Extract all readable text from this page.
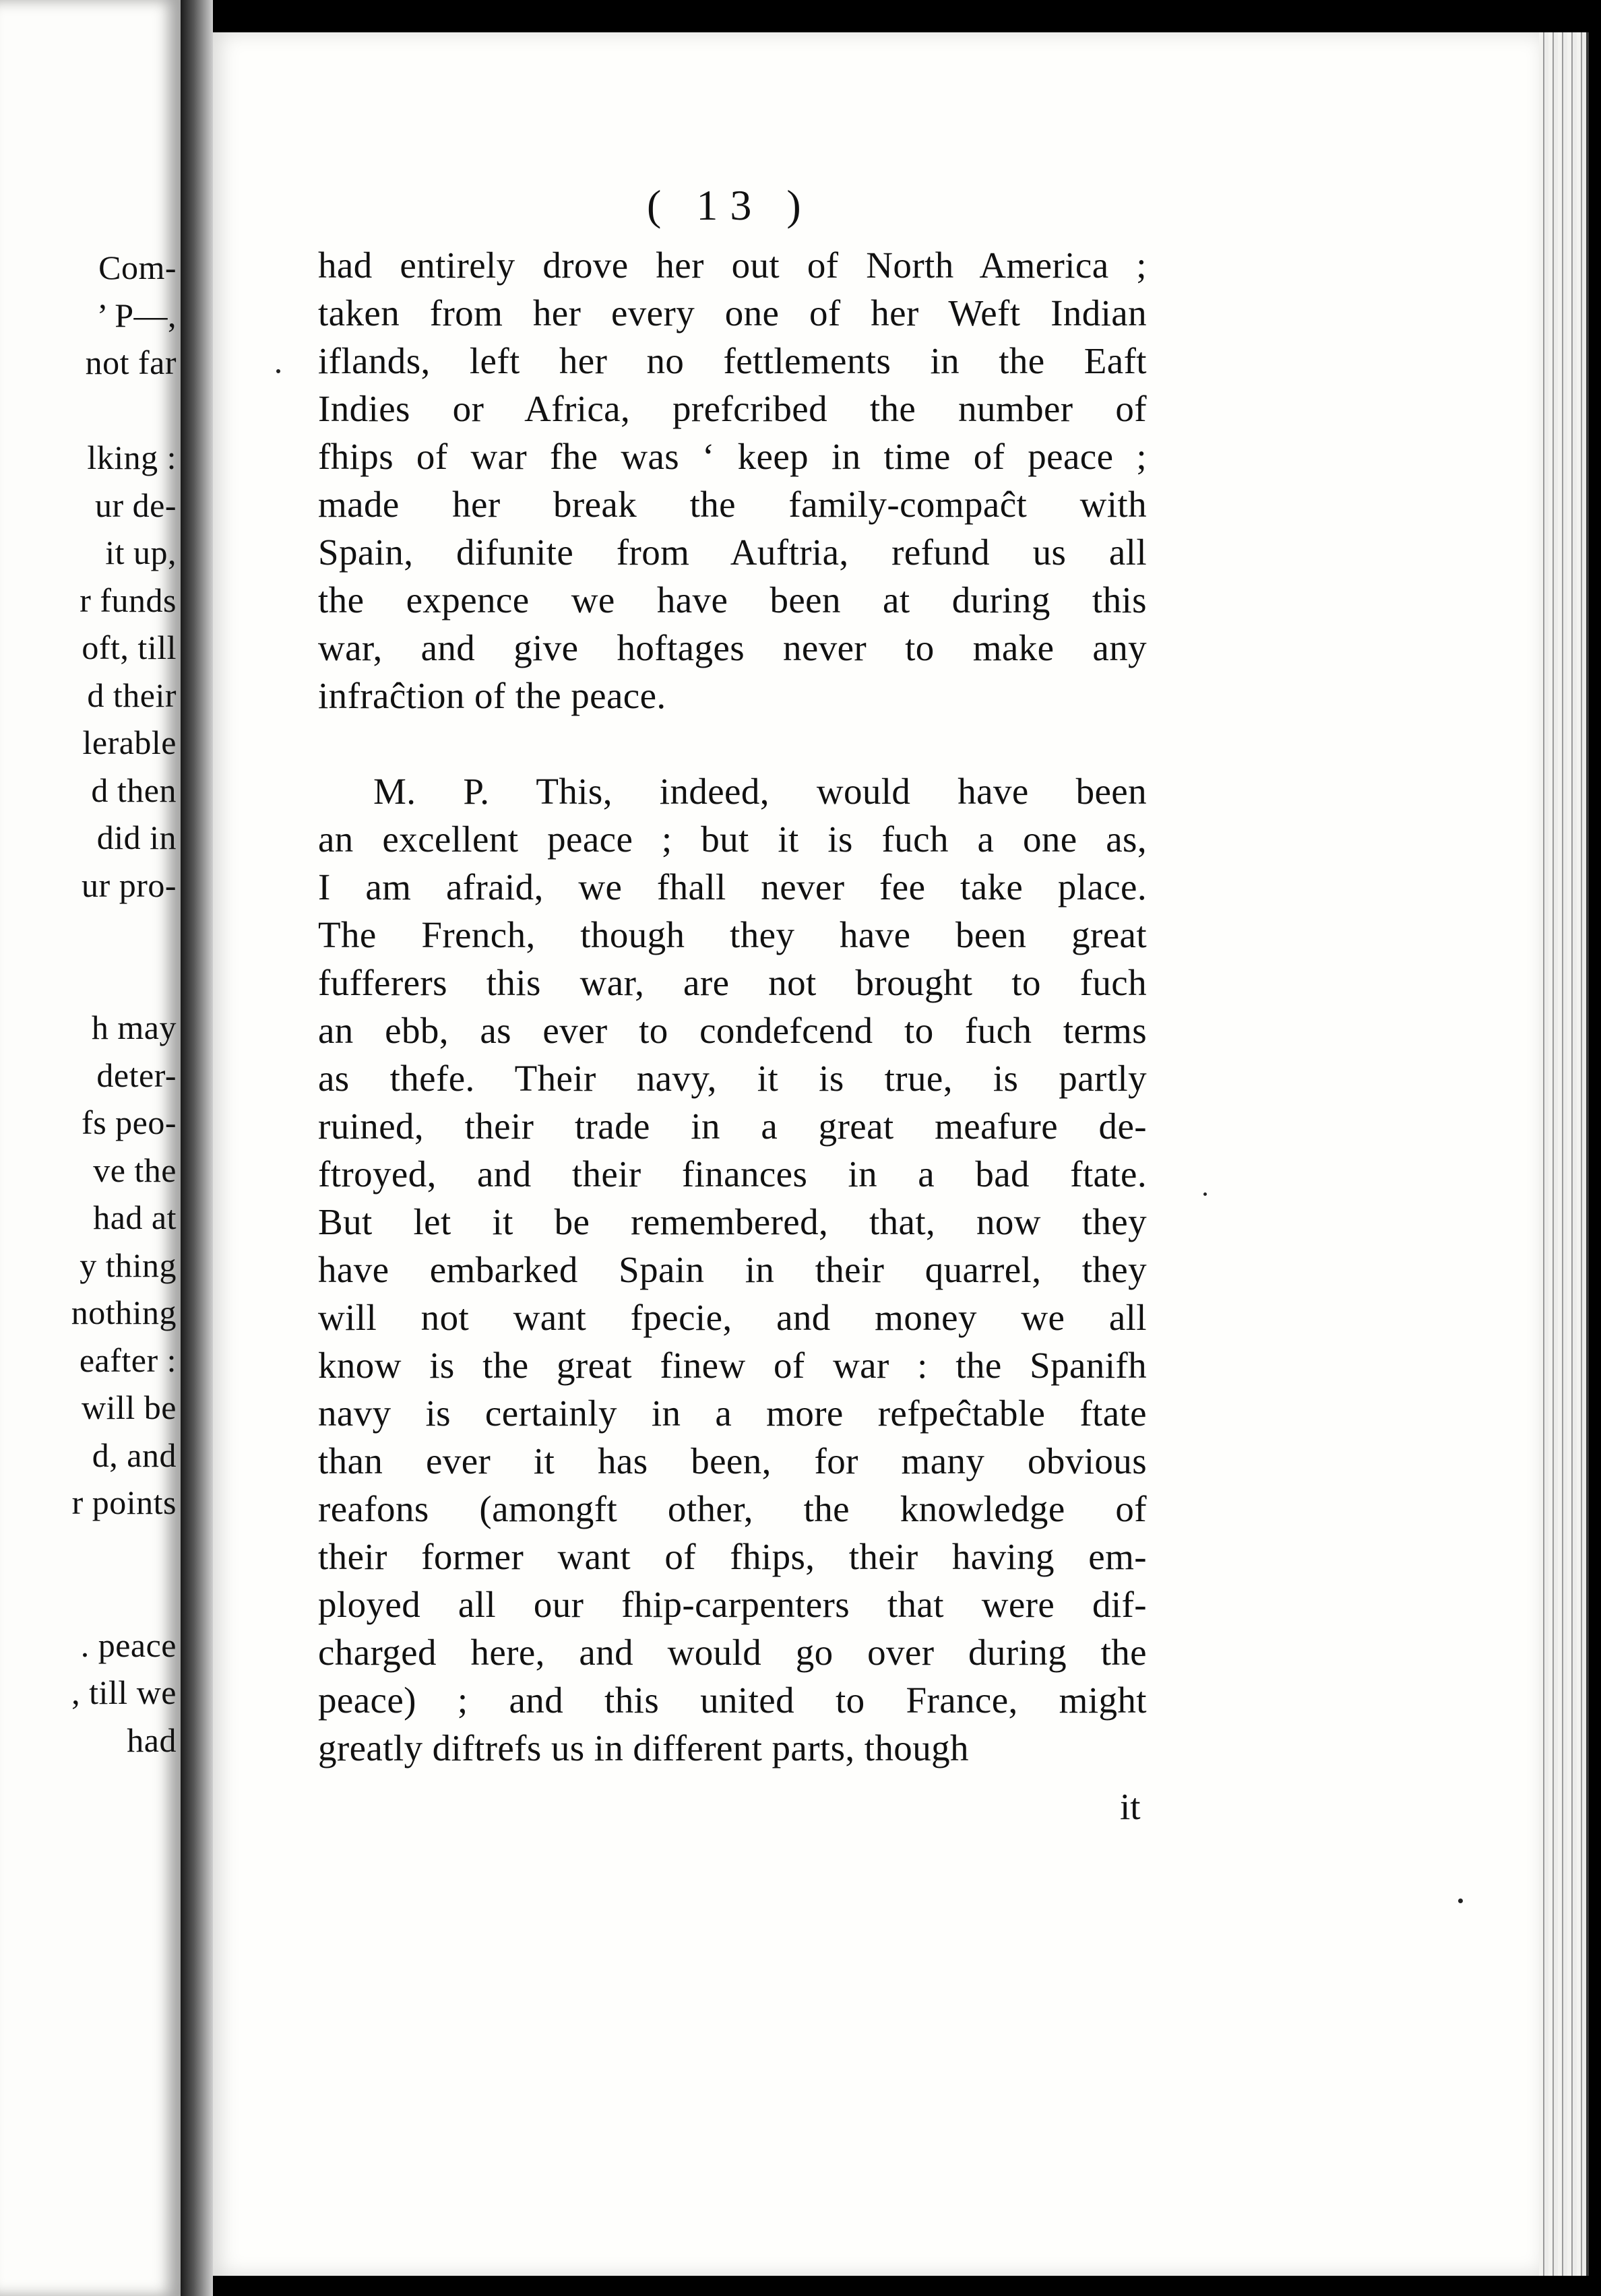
Com-
’ P—,
not far
lking :
ur de-
it up,
r funds
oft, till
d their
lerable
d then
did in
ur pro-
h may
deter-
fs peo-
ve the
had at
y thing
nothing
eafter :
will be
d, and
r points
. peace
, till we
had
( 13 )
had entirely drove her out of North America ;
taken from her every one of her Weft Indian
iflands, left her no fettlements in the Eaft
Indies or Africa, prefcribed the number of
fhips of war fhe was ʻ keep in time of peace ;
made her break the family-compaĉt with
Spain, difunite from Auftria, refund us all
the expence we have been at during this
war, and give hoftages never to make any
infraĉtion of the peace.
M. P. This, indeed, would have been
an excellent peace ; but it is fuch a one as,
I am afraid, we fhall never fee take place.
The French, though they have been great
fufferers this war, are not brought to fuch
an ebb, as ever to condefcend to fuch terms
as thefe. Their navy, it is true, is partly
ruined, their trade in a great meafure de-
ftroyed, and their finances in a bad ftate.
But let it be remembered, that, now they
have embarked Spain in their quarrel, they
will not want fpecie, and money we all
know is the great finew of war : the Spanifh
navy is certainly in a more refpeĉtable ftate
than ever it has been, for many obvious
reafons (amongft other, the knowledge of
their former want of fhips, their having em-
ployed all our fhip-carpenters that were dif-
charged here, and would go over during the
peace) ; and this united to France, might
greatly diftrefs us in different parts, though
it
